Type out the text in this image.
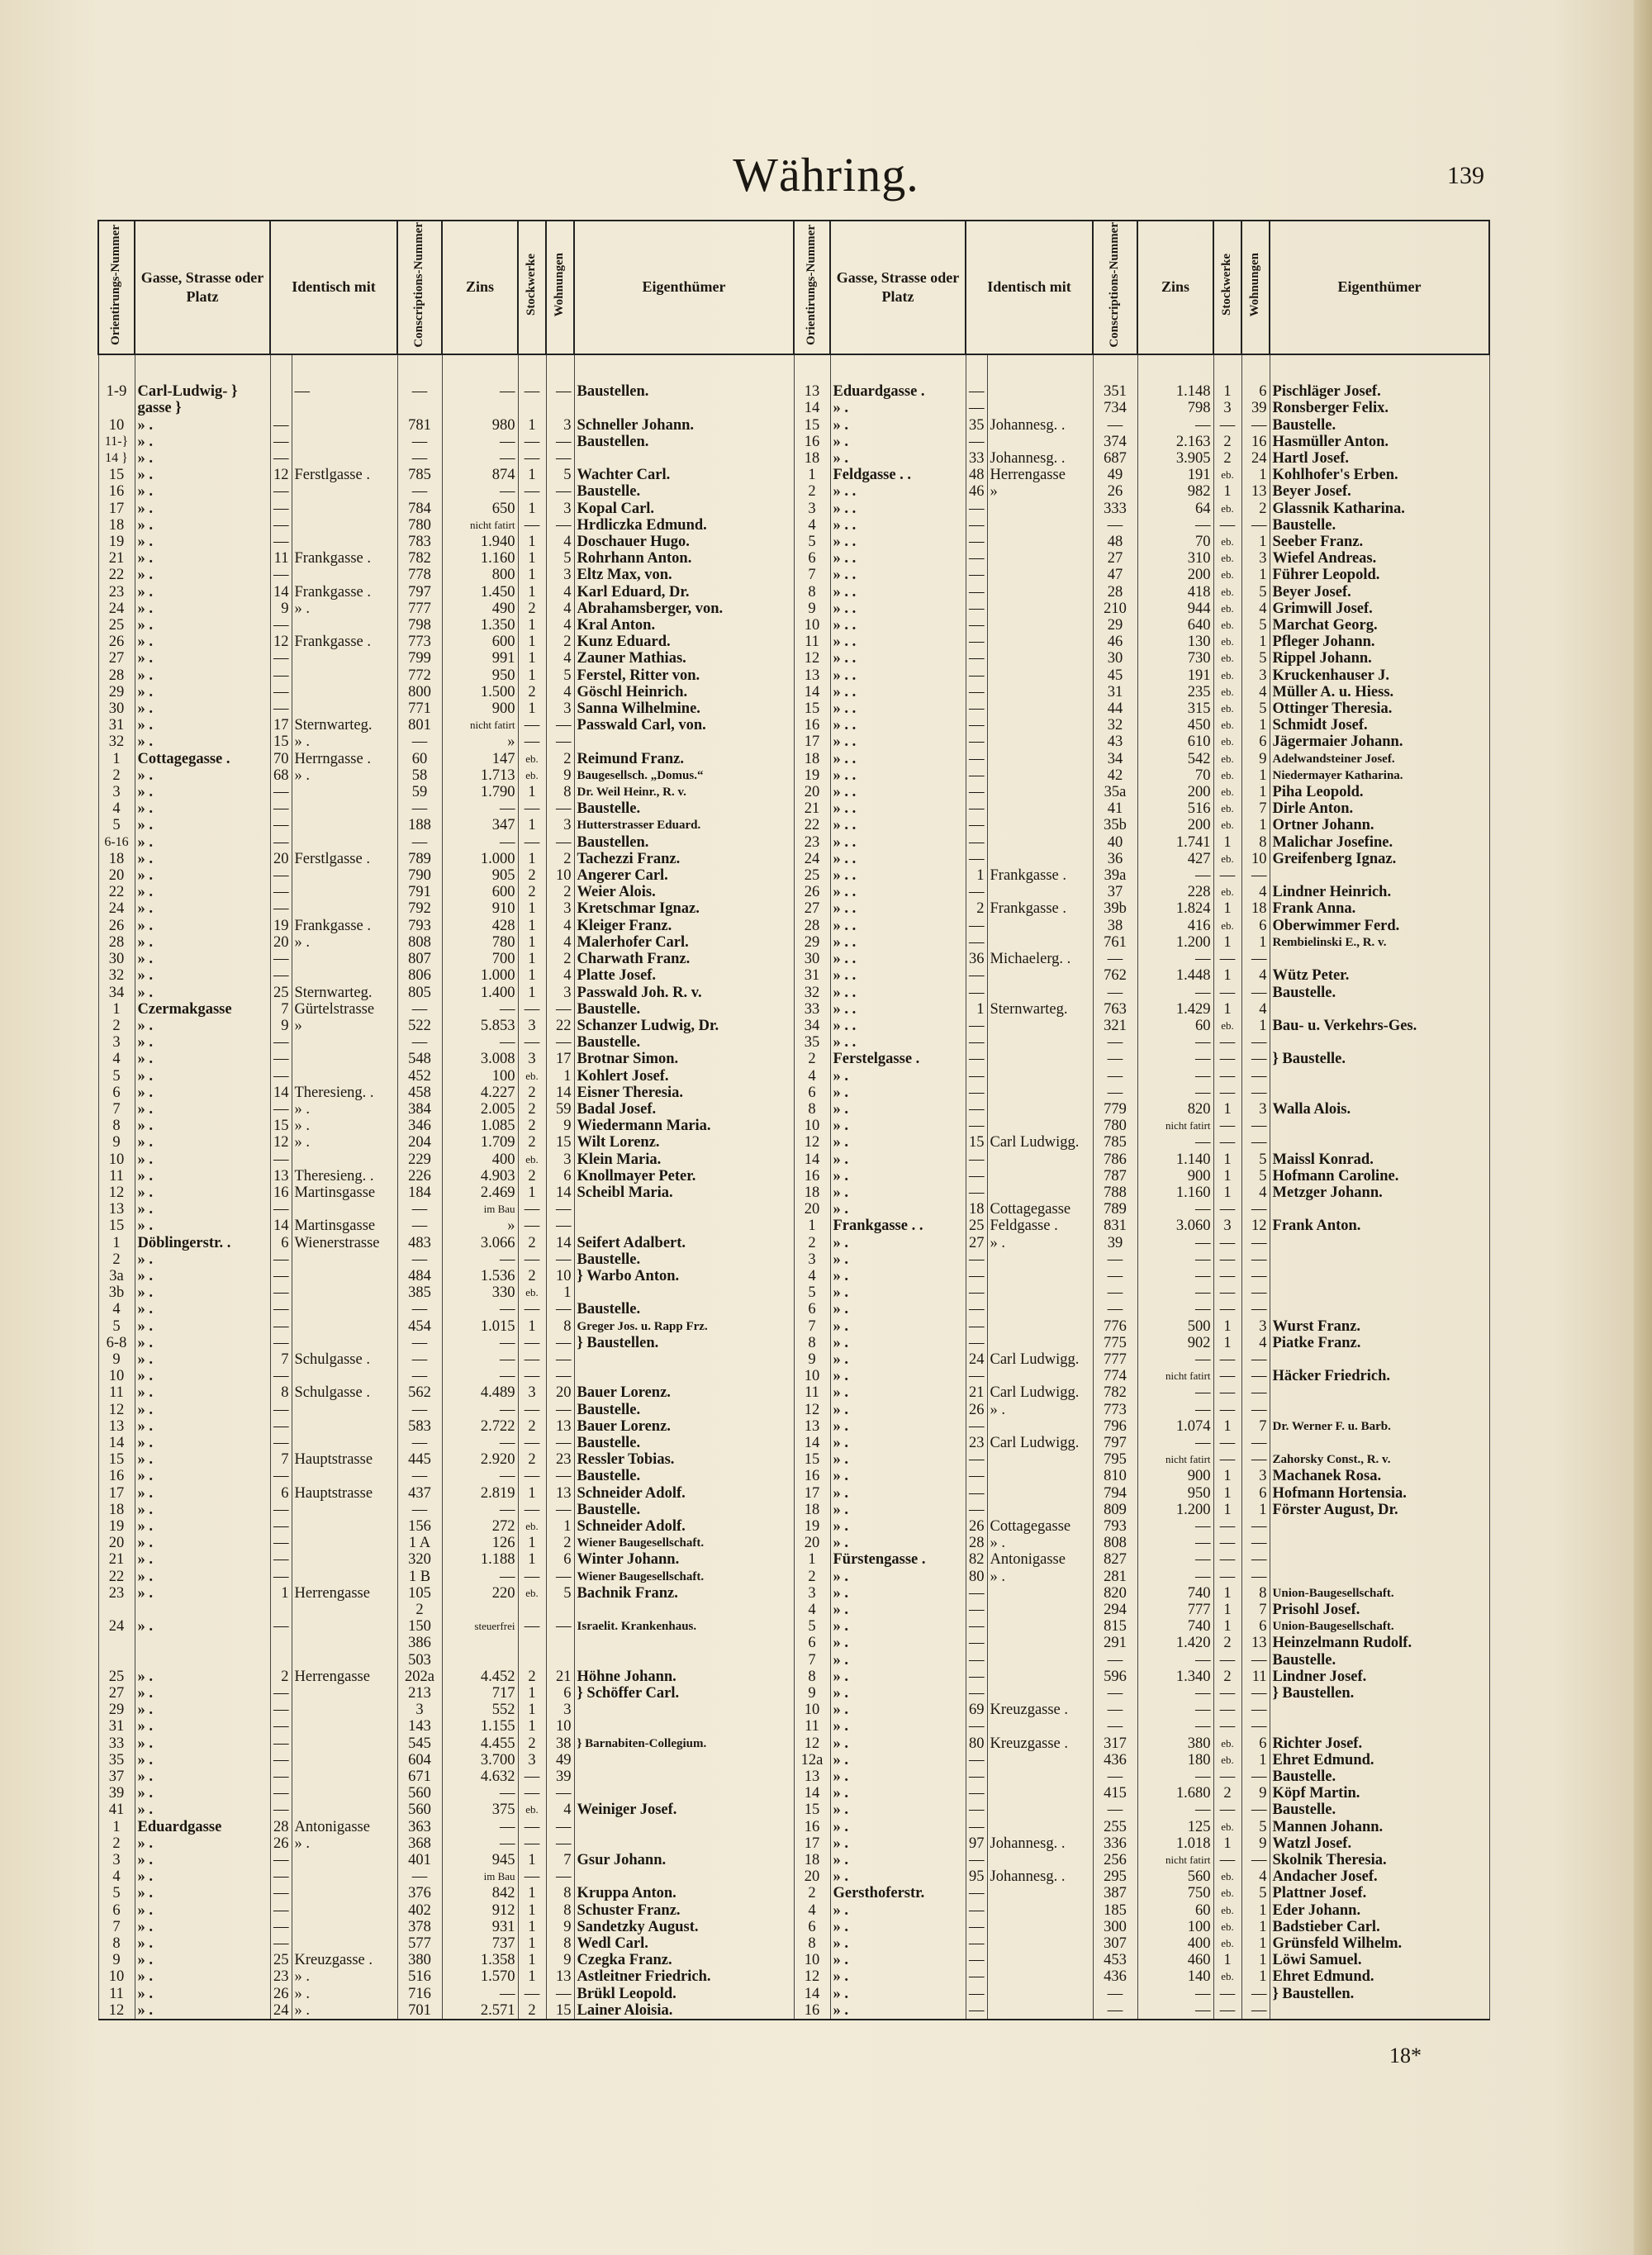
Währing.	139
Orientirungs-Nummer	Gasse, Strasse oder Platz	Identisch mit		Conscriptions-Nummer	Zins	Stockwerke	Wohnungen	Eigenthümer

1-9	Carl-Ludwig- }		—	—	—	—	—	Baustellen.
	gasse }							
10	» .	—		781	980	1	3	Schneller Johann.
11-}	» .	—		—	—	—	—	Baustellen.
14 }	» .	—		—	—	—	—	
15	» .	12	Ferstlgasse .	785	874	1	5	Wachter Carl.
16	» .	—		—	—	—	—	Baustelle.
17	» .	—		784	650	1	3	Kopal Carl.
18	» .	—		780	nicht fatirt	—	—	Hrdliczka Edmund.
19	» .	—		783	1.940	1	4	Doschauer Hugo.
21	» .	11	Frankgasse .	782	1.160	1	5	Rohrhann Anton.
22	» .	—		778	800	1	3	Eltz Max, von.
23	» .	14	Frankgasse .	797	1.450	1	4	Karl Eduard, Dr.
24	» .	9	» .	777	490	2	4	Abrahamsberger, von.
25	» .	—		798	1.350	1	4	Kral Anton.
26	» .	12	Frankgasse .	773	600	1	2	Kunz Eduard.
27	» .	—		799	991	1	4	Zauner Mathias.
28	» .	—		772	950	1	5	Ferstel, Ritter von.
29	» .	—		800	1.500	2	4	Göschl Heinrich.
30	» .	—		771	900	1	3	Sanna Wilhelmine.
31	» .	17	Sternwarteg.	801	nicht fatirt	—	—	Passwald Carl, von.
32	» .	15	» .	—	»	—	—	
1	Cottagegasse .	70	Herrngasse .	60	147	eb.	2	Reimund Franz.
2	» .	68	» .	58	1.713	eb.	9	Baugesellsch. „Domus.“
3	» .	—		59	1.790	1	8	Dr. Weil Heinr., R. v.
4	» .	—		—	—	—	—	Baustelle.
5	» .	—		188	347	1	3	Hutterstrasser Eduard.
6-16	» .	—		—	—	—	—	Baustellen.
18	» .	20	Ferstlgasse .	789	1.000	1	2	Tachezzi Franz.
20	» .	—		790	905	2	10	Angerer Carl.
22	» .	—		791	600	2	2	Weier Alois.
24	» .	—		792	910	1	3	Kretschmar Ignaz.
26	» .	19	Frankgasse .	793	428	1	4	Kleiger Franz.
28	» .	20	» .	808	780	1	4	Malerhofer Carl.
30	» .	—		807	700	1	2	Charwath Franz.
32	» .	—		806	1.000	1	4	Platte Josef.
34	» .	25	Sternwarteg.	805	1.400	1	3	Passwald Joh. R. v.
1	Czermakgasse	7	Gürtelstrasse	—	—	—	—	Baustelle.
2	» .	9	»	522	5.853	3	22	Schanzer Ludwig, Dr.
3	» .	—		—	—	—	—	Baustelle.
4	» .	—		548	3.008	3	17	Brotnar Simon.
5	» .	—		452	100	eb.	1	Kohlert Josef.
6	» .	14	Theresieng. .	458	4.227	2	14	Eisner Theresia.
7	» .	—	» .	384	2.005	2	59	Badal Josef.
8	» .	15	» .	346	1.085	2	9	Wiedermann Maria.
9	» .	12	» .	204	1.709	2	15	Wilt Lorenz.
10	» .	—		229	400	eb.	3	Klein Maria.
11	» .	13	Theresieng. .	226	4.903	2	6	Knollmayer Peter.
12	» .	16	Martinsgasse	184	2.469	1	14	Scheibl Maria.
13	» .	—		—	im Bau	—	—	
15	» .	14	Martinsgasse	—	»	—	—	
1	Döblingerstr. .	6	Wienerstrasse	483	3.066	2	14	Seifert Adalbert.
2	» .	—		—	—	—	—	Baustelle.
3a	» .	—		484	1.536	2	10	} Warbo Anton.
3b	» .	—		385	330	eb.	1	
4	» .	—		—	—	—	—	Baustelle.
5	» .	—		454	1.015	1	8	Greger Jos. u. Rapp Frz.
6-8	» .	—		—	—	—	—	} Baustellen.
9	» .	7	Schulgasse .	—	—	—	—	
10	» .	—		—	—	—	—	
11	» .	8	Schulgasse .	562	4.489	3	20	Bauer Lorenz.
12	» .	—		—	—	—	—	Baustelle.
13	» .	—		583	2.722	2	13	Bauer Lorenz.
14	» .	—		—	—	—	—	Baustelle.
15	» .	7	Hauptstrasse	445	2.920	2	23	Ressler Tobias.
16	» .	—		—	—	—	—	Baustelle.
17	» .	6	Hauptstrasse	437	2.819	1	13	Schneider Adolf.
18	» .	—		—	—	—	—	Baustelle.
19	» .	—		156	272	eb.	1	Schneider Adolf.
20	» .	—		1 A	126	1	2	Wiener Baugesellschaft.
21	» .	—		320	1.188	1	6	Winter Johann.
22	» .	—		1 B	—	—	—	Wiener Baugesellschaft.
23	» .	1	Herrengasse	105	220	eb.	5	Bachnik Franz.
				2				
24	» .	—		150	steuerfrei	—	—	Israelit. Krankenhaus.
				386				
				503				
25	» .	2	Herrengasse	202a	4.452	2	21	Höhne Johann.
27	» .	—		213	717	1	6	} Schöffer Carl.
29	» .	—		3	552	1	3	
31	» .	—		143	1.155	1	10	
33	» .	—		545	4.455	2	38	} Barnabiten-Collegium.
35	» .	—		604	3.700	3	49	
37	» .	—		671	4.632	—	39	
39	» .	—		560	—	—	—	
41	» .	—		560	375	eb.	4	Weiniger Josef.
1	Eduardgasse	28	Antonigasse	363	—	—	—	
2	» .	26	» .	368	—	—	—	
3	» .	—		401	945	1	7	Gsur Johann.
4	» .	—		—	im Bau	—	—	
5	» .	—		376	842	1	8	Kruppa Anton.
6	» .	—		402	912	1	8	Schuster Franz.
7	» .	—		378	931	1	9	Sandetzky August.
8	» .	—		577	737	1	8	Wedl Carl.
9	» .	25	Kreuzgasse .	380	1.358	1	9	Czegka Franz.
10	» .	23	» .	516	1.570	1	13	Astleitner Friedrich.
11	» .	26	» .	716	—	—	—	Brükl Leopold.
12	» .	24	» .	701	2.571	2	15	Lainer Aloisia.
Orientirungs-Nummer	Gasse, Strasse oder Platz	Identisch mit		Conscriptions-Nummer	Zins	Stockwerke	Wohnungen	Eigenthümer

13	Eduardgasse .	—		351	1.148	1	6	Pischläger Josef.
14	» .	—		734	798	3	39	Ronsberger Felix.
15	» .	35	Johannesg. .	—	—	—	—	Baustelle.
16	» .	—		374	2.163	2	16	Hasmüller Anton.
18	» .	33	Johannesg. .	687	3.905	2	24	Hartl Josef.
1	Feldgasse . .	48	Herrengasse	49	191	eb.	1	Kohlhofer's Erben.
2	» . .	46	»	26	982	1	13	Beyer Josef.
3	» . .	—		333	64	eb.	2	Glassnik Katharina.
4	» . .	—		—	—	—	—	Baustelle.
5	» . .	—		48	70	eb.	1	Seeber Franz.
6	» . .	—		27	310	eb.	3	Wiefel Andreas.
7	» . .	—		47	200	eb.	1	Führer Leopold.
8	» . .	—		28	418	eb.	5	Beyer Josef.
9	» . .	—		210	944	eb.	4	Grimwill Josef.
10	» . .	—		29	640	eb.	5	Marchat Georg.
11	» . .	—		46	130	eb.	1	Pfleger Johann.
12	» . .	—		30	730	eb.	5	Rippel Johann.
13	» . .	—		45	191	eb.	3	Kruckenhauser J.
14	» . .	—		31	235	eb.	4	Müller A. u. Hiess.
15	» . .	—		44	315	eb.	5	Ottinger Theresia.
16	» . .	—		32	450	eb.	1	Schmidt Josef.
17	» . .	—		43	610	eb.	6	Jägermaier Johann.
18	» . .	—		34	542	eb.	9	Adelwandsteiner Josef.
19	» . .	—		42	70	eb.	1	Niedermayer Katharina.
20	» . .	—		35a	200	eb.	1	Piha Leopold.
21	» . .	—		41	516	eb.	7	Dirle Anton.
22	» . .	—		35b	200	eb.	1	Ortner Johann.
23	» . .	—		40	1.741	1	8	Malichar Josefine.
24	» . .	—		36	427	eb.	10	Greifenberg Ignaz.
25	» . .	1	Frankgasse .	39a	—	—	—	
26	» . .	—		37	228	eb.	4	Lindner Heinrich.
27	» . .	2	Frankgasse .	39b	1.824	1	18	Frank Anna.
28	» . .	—		38	416	eb.	6	Oberwimmer Ferd.
29	» . .	—		761	1.200	1	1	Rembielinski E., R. v.
30	» . .	36	Michaelerg. .	—	—	—	—	
31	» . .	—		762	1.448	1	4	Wütz Peter.
32	» . .	—		—	—	—	—	Baustelle.
33	» . .	1	Sternwarteg.	763	1.429	1	4	
34	» . .	—		321	60	eb.	1	Bau- u. Verkehrs-Ges.
35	» . .	—		—	—	—	—	
2	Ferstelgasse .	—		—	—	—	—	} Baustelle.
4	» .	—		—	—	—	—	
6	» .	—		—	—	—	—	
8	» .	—		779	820	1	3	Walla Alois.
10	» .	—		780	nicht fatirt	—	—	
12	» .	15	Carl Ludwigg.	785	—	—	—	
14	» .	—		786	1.140	1	5	Maissl Konrad.
16	» .	—		787	900	1	5	Hofmann Caroline.
18	» .	—		788	1.160	1	4	Metzger Johann.
20	» .	18	Cottagegasse	789	—	—	—	
1	Frankgasse . .	25	Feldgasse .	831	3.060	3	12	Frank Anton.
2	» .	27	» .	39	—	—	—	
3	» .	—		—	—	—	—	
4	» .	—		—	—	—	—	
5	» .	—		—	—	—	—	
6	» .	—		—	—	—	—	
7	» .	—		776	500	1	3	Wurst Franz.
8	» .	—		775	902	1	4	Piatke Franz.
9	» .	24	Carl Ludwigg.	777	—	—	—	
10	» .	—		774	nicht fatirt	—	—	Häcker Friedrich.
11	» .	21	Carl Ludwigg.	782	—	—	—	
12	» .	26	» .	773	—	—	—	
13	» .	—		796	1.074	1	7	Dr. Werner F. u. Barb.
14	» .	23	Carl Ludwigg.	797	—	—	—	
15	» .	—		795	nicht fatirt	—	—	Zahorsky Const., R. v.
16	» .	—		810	900	1	3	Machanek Rosa.
17	» .	—		794	950	1	6	Hofmann Hortensia.
18	» .	—		809	1.200	1	1	Förster August, Dr.
19	» .	26	Cottagegasse	793	—	—	—	
20	» .	28	» .	808	—	—	—	
1	Fürstengasse .	82	Antonigasse	827	—	—	—	
2	» .	80	» .	281	—	—	—	
3	» .	—		820	740	1	8	Union-Baugesellschaft.
4	» .	—		294	777	1	7	Prisohl Josef.
5	» .	—		815	740	1	6	Union-Baugesellschaft.
6	» .	—		291	1.420	2	13	Heinzelmann Rudolf.
7	» .	—		—	—	—	—	Baustelle.
8	» .	—		596	1.340	2	11	Lindner Josef.
9	» .	—		—	—	—	—	} Baustellen.
10	» .	69	Kreuzgasse .	—	—	—	—	
11	» .	—		—	—	—	—	
12	» .	80	Kreuzgasse .	317	380	eb.	6	Richter Josef.
12a	» .	—		436	180	eb.	1	Ehret Edmund.
13	» .	—		—	—	—	—	Baustelle.
14	» .	—		415	1.680	2	9	Köpf Martin.
15	» .	—		—	—	—	—	Baustelle.
16	» .	—		255	125	eb.	5	Mannen Johann.
17	» .	97	Johannesg. .	336	1.018	1	9	Watzl Josef.
18	» .	—		256	nicht fatirt	—	—	Skolnik Theresia.
20	» .	95	Johannesg. .	295	560	eb.	4	Andacher Josef.
2	Gersthoferstr.	—		387	750	eb.	5	Plattner Josef.
4	» .	—		185	60	eb.	1	Eder Johann.
6	» .	—		300	100	eb.	1	Badstieber Carl.
8	» .	—		307	400	eb.	1	Grünsfeld Wilhelm.
10	» .	—		453	460	1	1	Löwi Samuel.
12	» .	—		436	140	eb.	1	Ehret Edmund.
14	» .	—		—	—	—	—	} Baustellen.
16	» .	—		—	—	—	—	
18*
